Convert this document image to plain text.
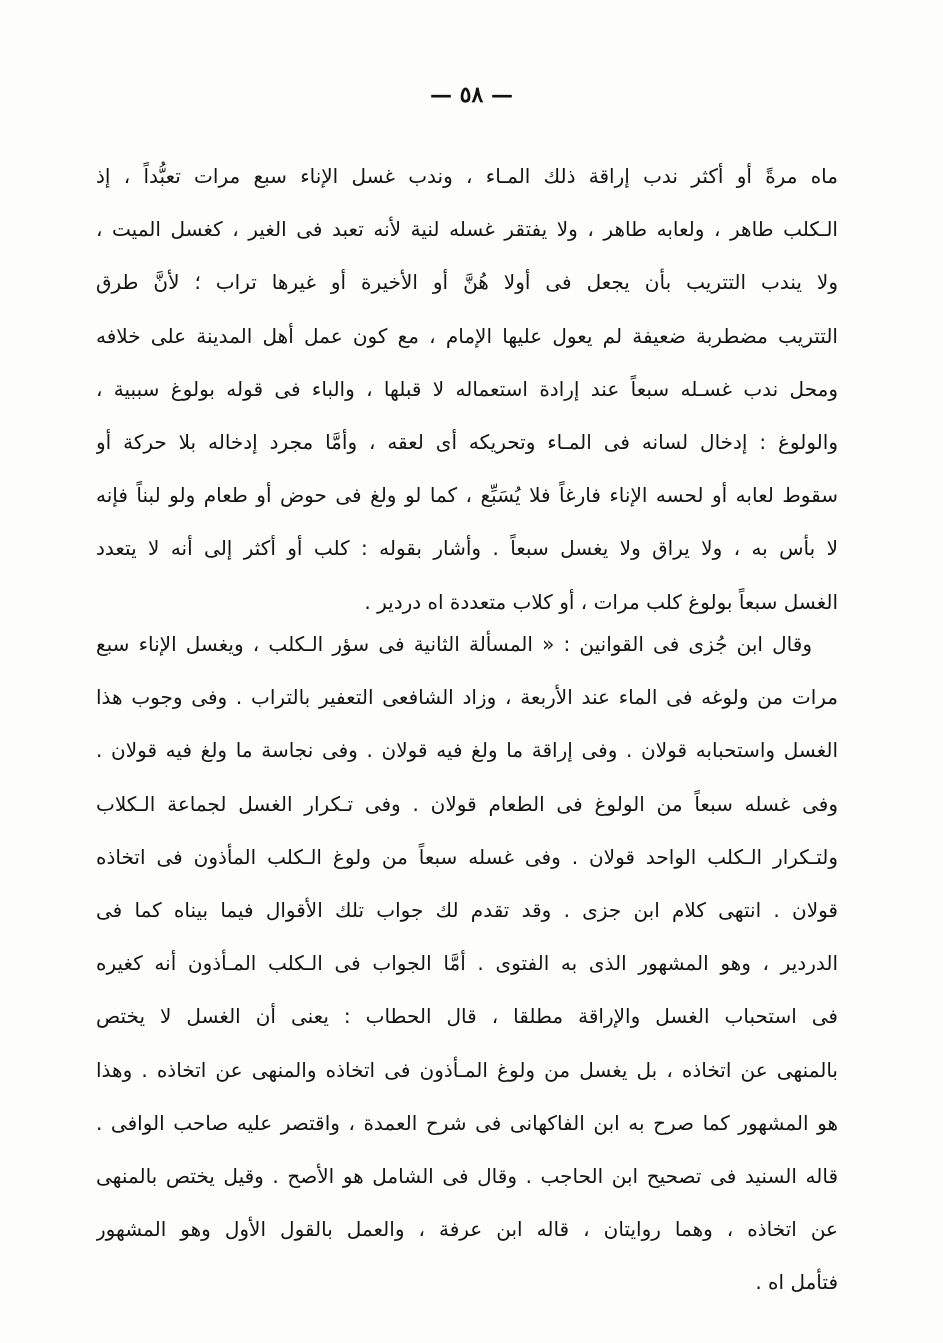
— ٥٨ —
ماه مرةً أو أكثر ندب إراقة ذلك المـاء ، وندب غسل الإناء سبع مرات تعبُّداً ، إذ
الـكلب طاهر ، ولعابه طاهر ، ولا يفتقر غسله لنية لأنه تعبد فى الغير ، كغسل الميت ،
ولا يندب التتريب بأن يجعل فى أولا هُنَّ أو الأخيرة أو غيرها تراب ؛ لأنَّ طرق
التتريب مضطربة ضعيفة لم يعول عليها الإمام ، مع كون عمل أهل المدينة على خلافه
ومحل ندب غسـله سبعاً عند إرادة استعماله لا قبلها ، والباء فى قوله بولوغ سببية ،
والولوغ : إدخال لسانه فى المـاء وتحريكه أى لعقه ، وأمَّا مجرد إدخاله بلا حركة أو
سقوط لعابه أو لحسه الإناء فارغاً فلا يُسَبِّع ، كما لو ولغ فى حوض أو طعام ولو لبناً فإنه
لا بأس به ، ولا يراق ولا يغسل سبعاً . وأشار بقوله : كلب أو أكثر إلى أنه لا يتعدد
الغسل سبعاً بولوغ كلب مرات ، أو كلاب متعددة اه دردير .
وقال ابن جُزى فى القوانين : « المسألة الثانية فى سؤر الـكلب ، ويغسل الإناء سبع
مرات من ولوغه فى الماء عند الأربعة ، وزاد الشافعى التعفير بالتراب . وفى وجوب هذا
الغسل واستحبابه قولان . وفى إراقة ما ولغ فيه قولان . وفى نجاسة ما ولغ فيه قولان .
وفى غسله سبعاً من الولوغ فى الطعام قولان . وفى تـكرار الغسل لجماعة الـكلاب
ولتـكرار الـكلب الواحد قولان . وفى غسله سبعاً من ولوغ الـكلب المأذون فى اتخاذه
قولان . انتهى كلام ابن جزى . وقد تقدم لك جواب تلك الأقوال فيما بيناه كما فى
الدردير ، وهو المشهور الذى به الفتوى . أمَّا الجواب فى الـكلب المـأذون أنه كغيره
فى استحباب الغسل والإراقة مطلقا ، قال الحطاب : يعنى أن الغسل لا يختص
بالمنهى عن اتخاذه ، بل يغسل من ولوغ المـأذون فى اتخاذه والمنهى عن اتخاذه . وهذا
هو المشهور كما صرح به ابن الفاكهانى فى شرح العمدة ، واقتصر عليه صاحب الوافى .
قاله السنيد فى تصحيح ابن الحاجب . وقال فى الشامل هو الأصح . وقيل يختص بالمنهى
عن اتخاذه ، وهما روايتان ، قاله ابن عرفة ، والعمل بالقول الأول وهو المشهور
فتأمل اه .
